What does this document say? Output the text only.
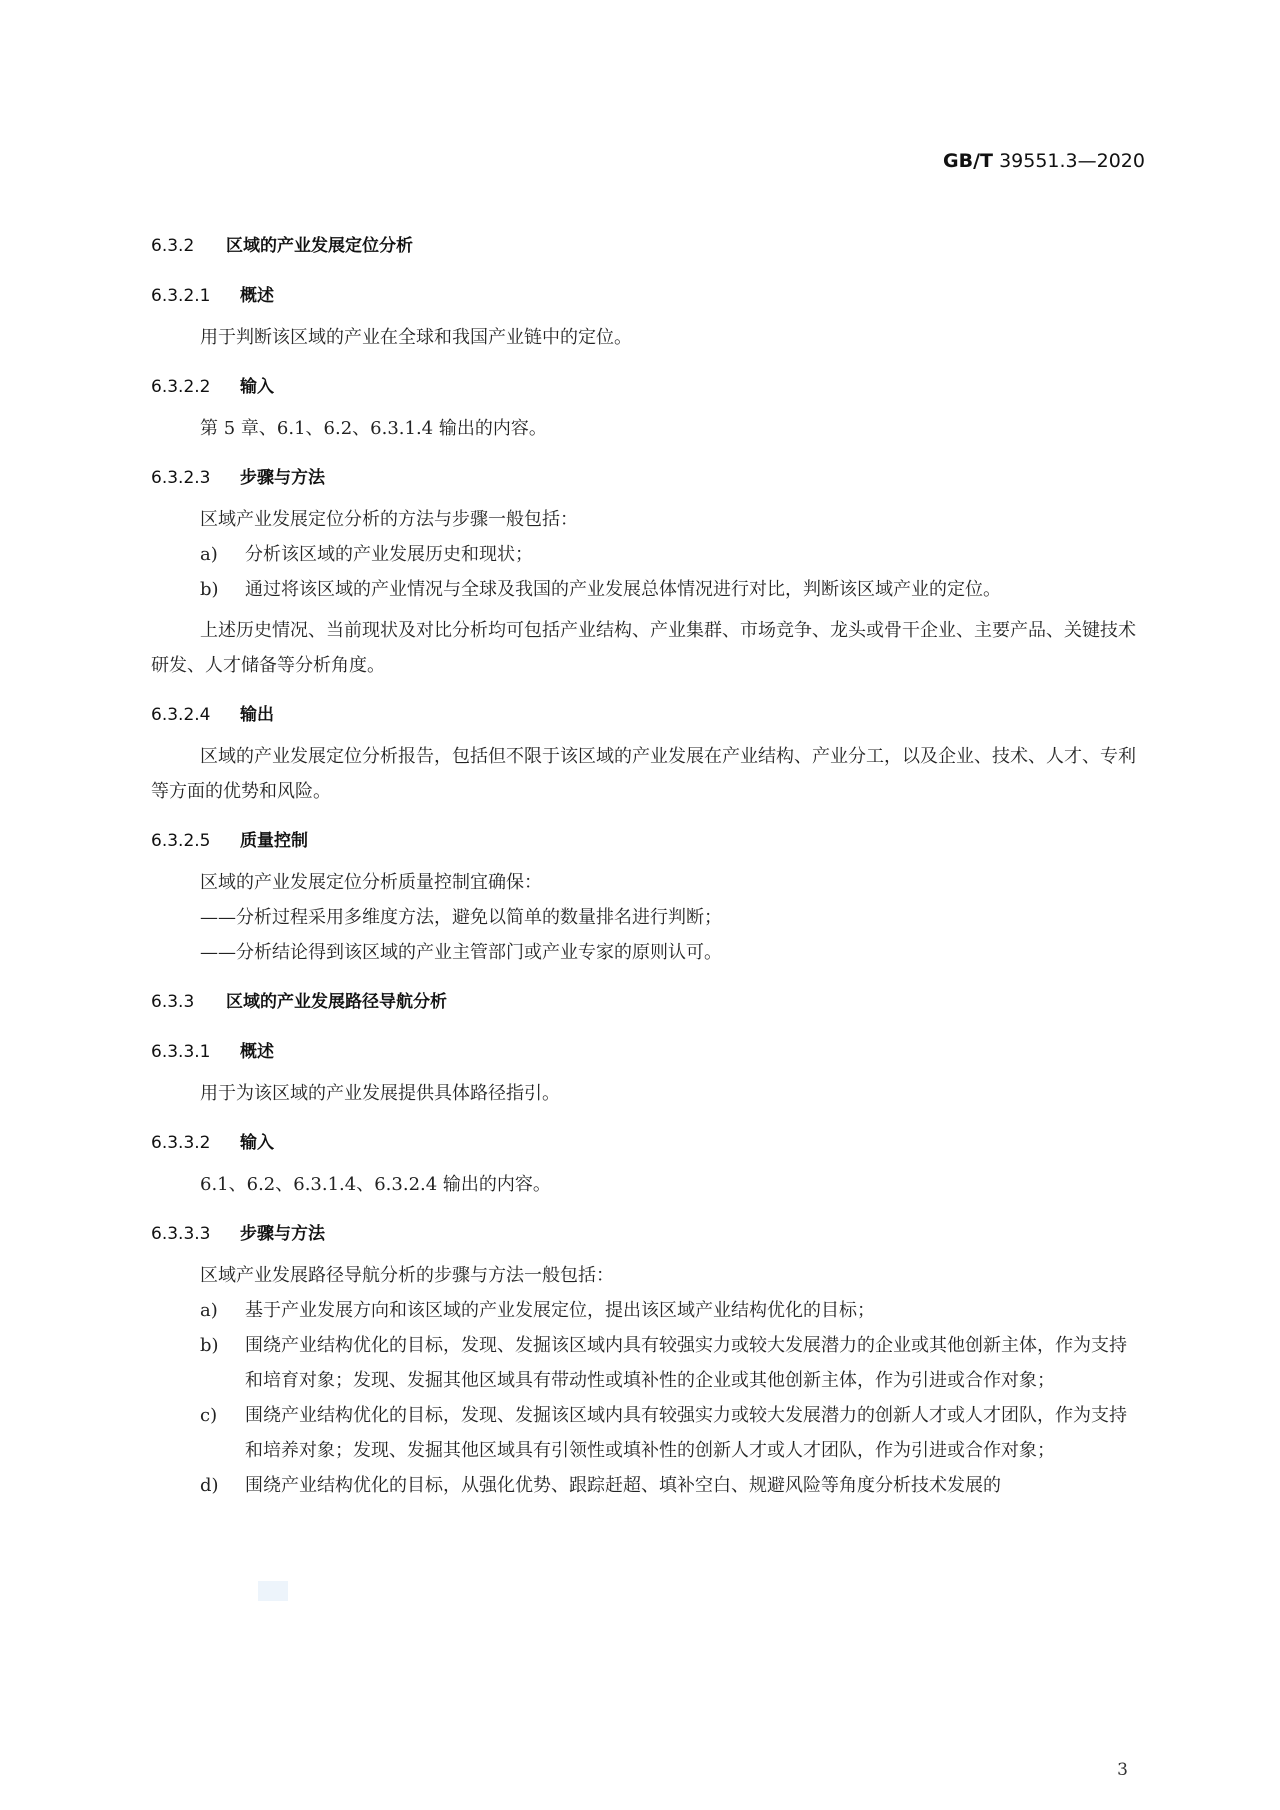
GB/T 39551.3—2020
6.3.2 区域的产业发展定位分析
6.3.2.1 概述
用于判断该区域的产业在全球和我国产业链中的定位。
6.3.2.2 输入
第 5 章、6.1、6.2、6.3.1.4 输出的内容。
6.3.2.3 步骤与方法
区域产业发展定位分析的方法与步骤一般包括：
a) 分析该区域的产业发展历史和现状；
b) 通过将该区域的产业情况与全球及我国的产业发展总体情况进行对比，判断该区域产业的定位。
上述历史情况、当前现状及对比分析均可包括产业结构、产业集群、市场竞争、龙头或骨干企业、主要产品、关键技术研发、人才储备等分析角度。
6.3.2.4 输出
区域的产业发展定位分析报告，包括但不限于该区域的产业发展在产业结构、产业分工，以及企业、技术、人才、专利等方面的优势和风险。
6.3.2.5 质量控制
区域的产业发展定位分析质量控制宜确保：
——分析过程采用多维度方法，避免以简单的数量排名进行判断；
——分析结论得到该区域的产业主管部门或产业专家的原则认可。
6.3.3 区域的产业发展路径导航分析
6.3.3.1 概述
用于为该区域的产业发展提供具体路径指引。
6.3.3.2 输入
6.1、6.2、6.3.1.4、6.3.2.4 输出的内容。
6.3.3.3 步骤与方法
区域产业发展路径导航分析的步骤与方法一般包括：
a) 基于产业发展方向和该区域的产业发展定位，提出该区域产业结构优化的目标；
b) 围绕产业结构优化的目标，发现、发掘该区域内具有较强实力或较大发展潜力的企业或其他创新主体，作为支持和培育对象；发现、发掘其他区域具有带动性或填补性的企业或其他创新主体，作为引进或合作对象；
c) 围绕产业结构优化的目标，发现、发掘该区域内具有较强实力或较大发展潜力的创新人才或人才团队，作为支持和培养对象；发现、发掘其他区域具有引领性或填补性的创新人才或人才团队，作为引进或合作对象；
d) 围绕产业结构优化的目标，从强化优势、跟踪赶超、填补空白、规避风险等角度分析技术发展的
3
